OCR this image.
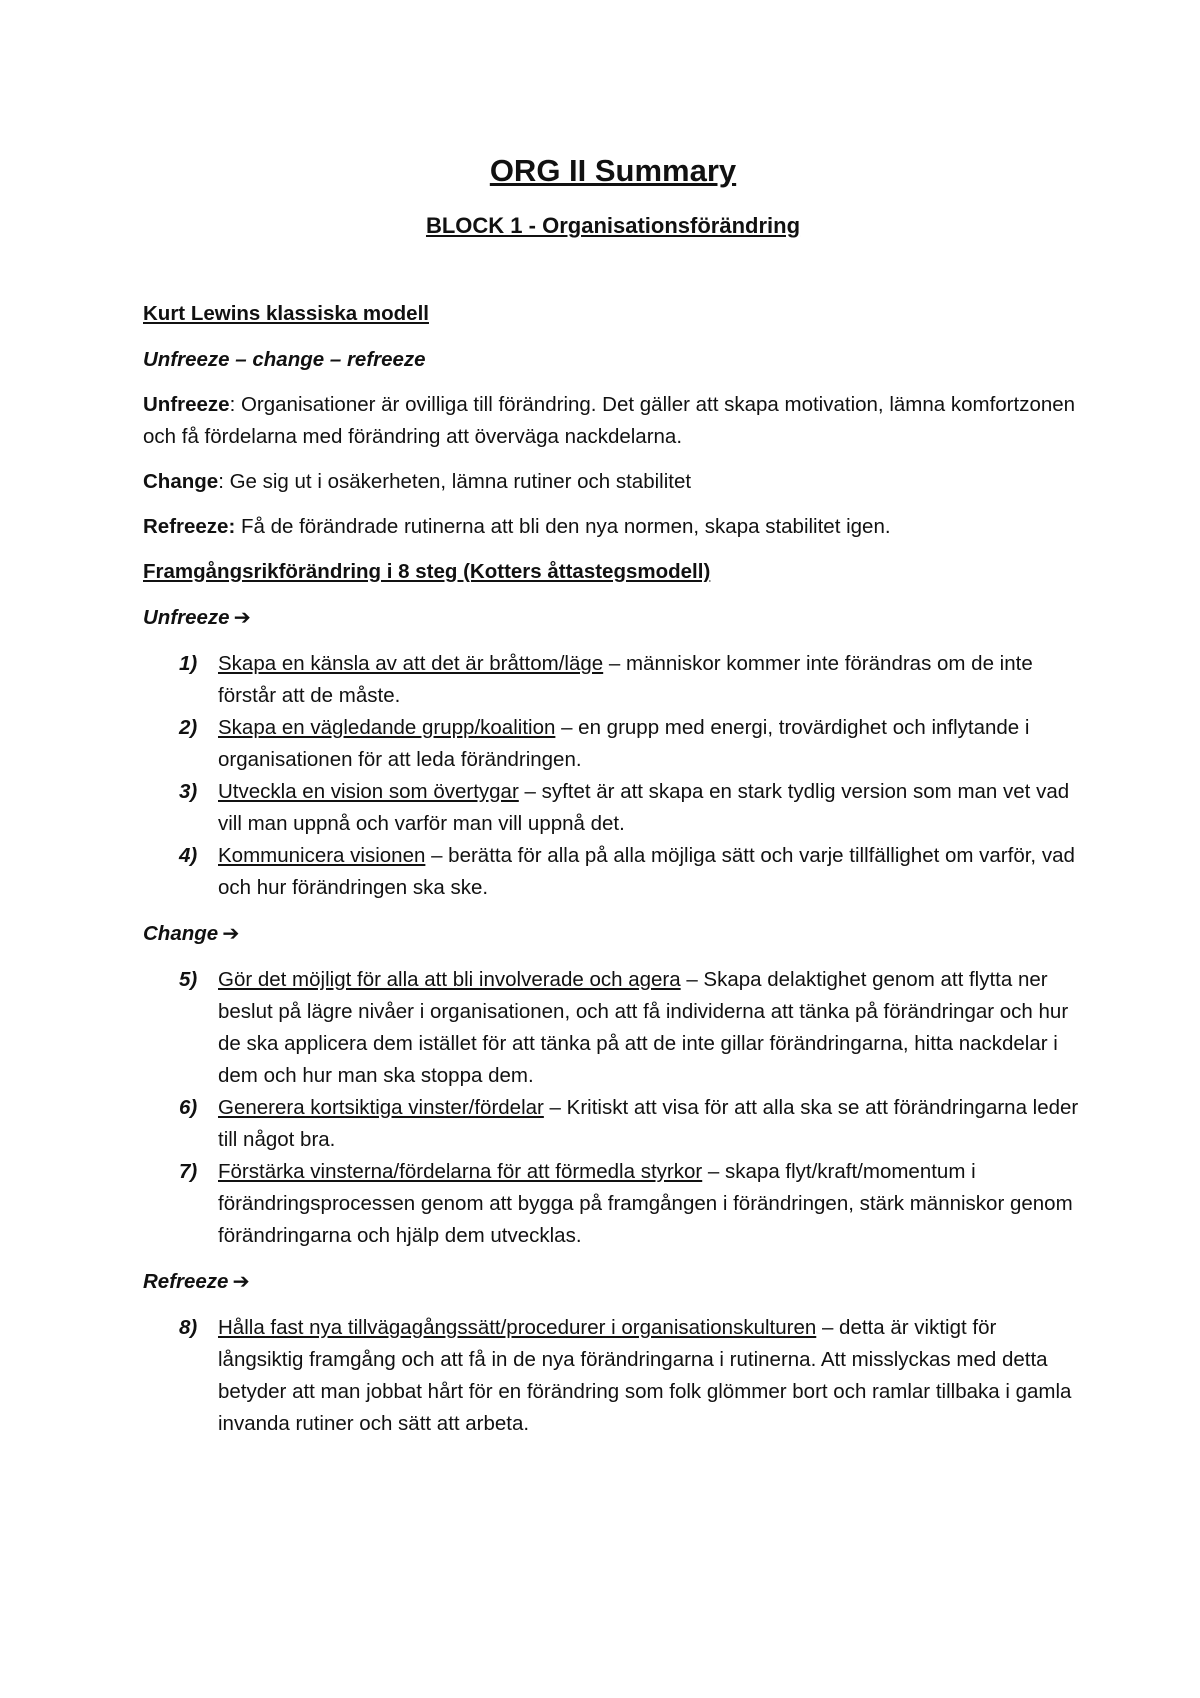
ORG II Summary
BLOCK 1 - Organisationsförändring

Kurt Lewins klassiska modell

Unfreeze – change – refreeze

Unfreeze: Organisationer är ovilliga till förändring. Det gäller att skapa motivation, lämna komfortzonen och få fördelarna med förändring att överväga nackdelarna.

Change: Ge sig ut i osäkerheten, lämna rutiner och stabilitet

Refreeze: Få de förändrade rutinerna att bli den nya normen, skapa stabilitet igen.

Framgångsrikförändring i 8 steg (Kotters åttastegsmodell)

Unfreeze ➔

1) Skapa en känsla av att det är bråttom/läge – människor kommer inte förändras om de inte förstår att de måste.
2) Skapa en vägledande grupp/koalition – en grupp med energi, trovärdighet och inflytande i organisationen för att leda förändringen.
3) Utveckla en vision som övertygar – syftet är att skapa en stark tydlig version som man vet vad vill man uppnå och varför man vill uppnå det.
4) Kommunicera visionen – berätta för alla på alla möjliga sätt och varje tillfällighet om varför, vad och hur förändringen ska ske.

Change ➔

5) Gör det möjligt för alla att bli involverade och agera – Skapa delaktighet genom att flytta ner beslut på lägre nivåer i organisationen, och att få individerna att tänka på förändringar och hur de ska applicera dem istället för att tänka på att de inte gillar förändringarna, hitta nackdelar i dem och hur man ska stoppa dem.
6) Generera kortsiktiga vinster/fördelar – Kritiskt att visa för att alla ska se att förändringarna leder till något bra.
7) Förstärka vinsterna/fördelarna för att förmedla styrkor – skapa flyt/kraft/momentum i förändringsprocessen genom att bygga på framgången i förändringen, stärk människor genom förändringarna och hjälp dem utvecklas.

Refreeze ➔

8) Hålla fast nya tillvägagångssätt/procedurer i organisationskulturen – detta är viktigt för långsiktig framgång och att få in de nya förändringarna i rutinerna. Att misslyckas med detta betyder att man jobbat hårt för en förändring som folk glömmer bort och ramlar tillbaka i gamla invanda rutiner och sätt att arbeta.
